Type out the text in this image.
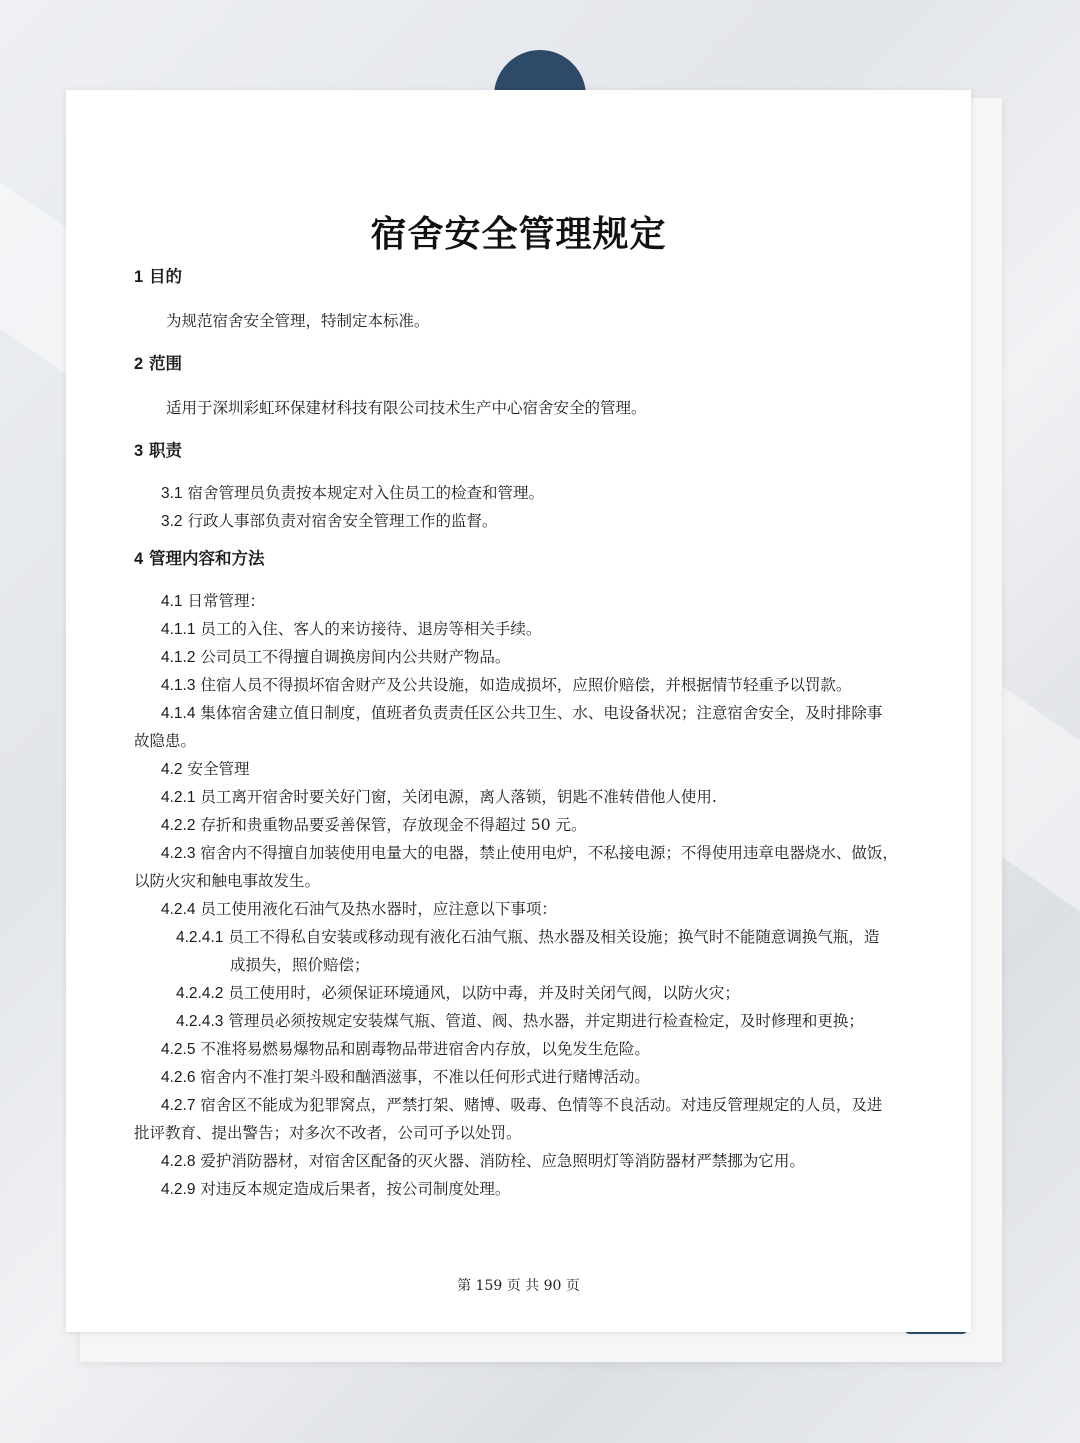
宿舍安全管理规定
1 目的
为规范宿舍安全管理，特制定本标准。
2 范围
适用于深圳彩虹环保建材科技有限公司技术生产中心宿舍安全的管理。
3 职责
3.1 宿舍管理员负责按本规定对入住员工的检查和管理。
3.2 行政人事部负责对宿舍安全管理工作的监督。
4 管理内容和方法
4.1 日常管理：
4.1.1 员工的入住、客人的来访接待、退房等相关手续。
4.1.2 公司员工不得擅自调换房间内公共财产物品。
4.1.3 住宿人员不得损坏宿舍财产及公共设施，如造成损坏，应照价赔偿，并根据情节轻重予以罚款。
4.1.4 集体宿舍建立值日制度，值班者负责责任区公共卫生、水、电设备状况；注意宿舍安全，及时排除事
故隐患。
4.2 安全管理
4.2.1 员工离开宿舍时要关好门窗，关闭电源，离人落锁，钥匙不准转借他人使用.
4.2.2 存折和贵重物品要妥善保管，存放现金不得超过 50 元。
4.2.3 宿舍内不得擅自加装使用电量大的电器，禁止使用电炉，不私接电源；不得使用违章电器烧水、做饭，
以防火灾和触电事故发生。
4.2.4 员工使用液化石油气及热水器时，应注意以下事项：
4.2.4.1 员工不得私自安装或移动现有液化石油气瓶、热水器及相关设施；换气时不能随意调换气瓶，造
成损失，照价赔偿；
4.2.4.2 员工使用时，必须保证环境通风，以防中毒，并及时关闭气阀，以防火灾；
4.2.4.3 管理员必须按规定安装煤气瓶、管道、阀、热水器，并定期进行检查检定，及时修理和更换；
4.2.5 不准将易燃易爆物品和剧毒物品带进宿舍内存放，以免发生危险。
4.2.6 宿舍内不准打架斗殴和酗酒滋事，不准以任何形式进行赌博活动。
4.2.7 宿舍区不能成为犯罪窝点，严禁打架、赌博、吸毒、色情等不良活动。对违反管理规定的人员，及进
批评教育、提出警告；对多次不改者，公司可予以处罚。
4.2.8 爱护消防器材，对宿舍区配备的灭火器、消防栓、应急照明灯等消防器材严禁挪为它用。
4.2.9 对违反本规定造成后果者，按公司制度处理。
第 159 页 共 90 页
